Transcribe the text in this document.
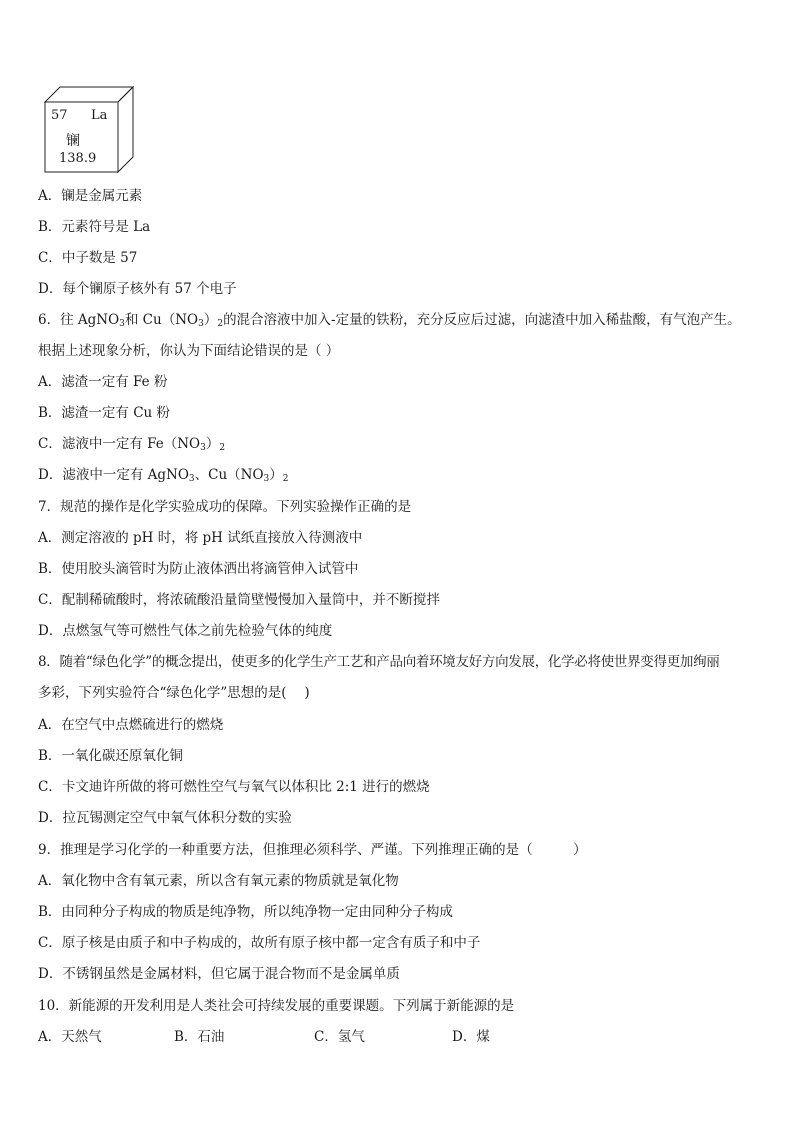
57 La
镧
138.9
A．镧是金属元素
B．元素符号是 La
C．中子数是 57
D．每个镧原子核外有 57 个电子
6．往 AgNO$_3$和 $Cu(NO_3)_2$的混合溶液中加入-定量的铁粉，充分反应后过滤，向滤渣中加入稀盐酸，有气泡产生。
根据上述现象分析，你认为下面结论错误的是（ ）
A．滤渣一定有 Fe 粉
B．滤渣一定有 Cu 粉
C．滤液中一定有 $Fe(NO_3)_2$
D．滤液中一定有 AgNO$_3$、$Cu(NO_3)_2$
7．规范的操作是化学实验成功的保障。下列实验操作正确的是
A．测定溶液的 pH 时，将 pH 试纸直接放入待测液中
B．使用胶头滴管时为防止液体洒出将滴管伸入试管中
C．配制稀硫酸时，将浓硫酸沿量筒壁慢慢加入量筒中，并不断搅拌
D．点燃氢气等可燃性气体之前先检验气体的纯度
8．随着“绿色化学”的概念提出，使更多的化学生产工艺和产品向着环境友好方向发展，化学必将使世界变得更加绚丽
多彩，下列实验符合“绿色化学”思想的是(　 )
A．在空气中点燃硫进行的燃烧
B．一氧化碳还原氧化铜
C．卡文迪许所做的将可燃性空气与氧气以体积比 2:1 进行的燃烧
D．拉瓦锡测定空气中氧气体积分数的实验
9．推理是学习化学的一种重要方法，但推理必须科学、严谨。下列推理正确的是（　　　）
A．氧化物中含有氧元素，所以含有氧元素的物质就是氧化物
B．由同种分子构成的物质是纯净物，所以纯净物一定由同种分子构成
C．原子核是由质子和中子构成的，故所有原子核中都一定含有质子和中子
D．不锈钢虽然是金属材料，但它属于混合物而不是金属单质
10．新能源的开发利用是人类社会可持续发展的重要课题。下列属于新能源的是
A．天然气	B．石油	C．氢气	D．煤
